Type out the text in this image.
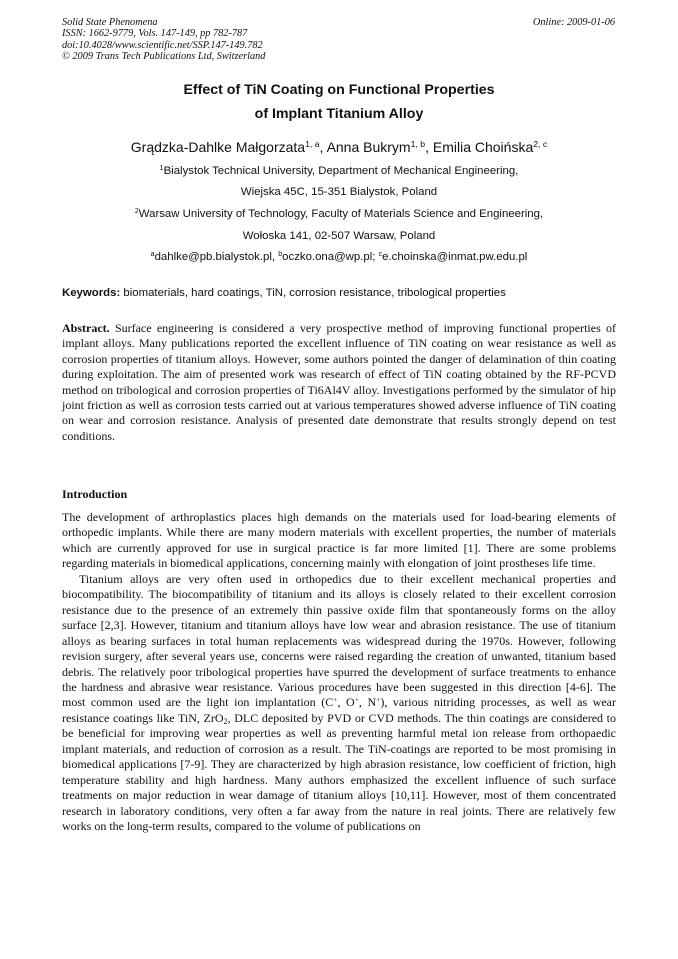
Solid State Phenomena
ISSN: 1662-9779, Vols. 147-149, pp 782-787
doi:10.4028/www.scientific.net/SSP.147-149.782
© 2009 Trans Tech Publications Ltd, Switzerland
Online: 2009-01-06
Effect of TiN Coating on Functional Properties
of Implant Titanium Alloy
Grądzka-Dahlke Małgorzata$^{1, a}$, Anna Bukrym$^{1, b}$, Emilia Choińska$^{2, c}$
$^1$Bialystok Technical University, Department of Mechanical Engineering,
Wiejska 45C, 15-351 Bialystok, Poland
$^2$Warsaw University of Technology, Faculty of Materials Science and Engineering,
Wołoska 141, 02-507 Warsaw, Poland
$^a$dahlke@pb.bialystok.pl, $^b$oczko.ona@wp.pl; $^c$e.choinska@inmat.pw.edu.pl
Keywords: biomaterials, hard coatings, TiN, corrosion resistance, tribological properties
Abstract. Surface engineering is considered a very prospective method of improving functional properties of implant alloys. Many publications reported the excellent influence of TiN coating on wear resistance as well as corrosion properties of titanium alloys. However, some authors pointed the danger of delamination of thin coating during exploitation. The aim of presented work was research of effect of TiN coating obtained by the RF-PCVD method on tribological and corrosion properties of Ti6Al4V alloy. Investigations performed by the simulator of hip joint friction as well as corrosion tests carried out at various temperatures showed adverse influence of TiN coating on wear and corrosion resistance. Analysis of presented date demonstrate that results strongly depend on test conditions.
Introduction

The development of arthroplastics places high demands on the materials used for load-bearing elements of orthopedic implants. While there are many modern materials with excellent properties, the number of materials which are currently approved for use in surgical practice is far more limited [1]. There are some problems regarding materials in biomedical applications, concerning mainly with elongation of joint prostheses life time.

Titanium alloys are very often used in orthopedics due to their excellent mechanical properties and biocompatibility. The biocompatibility of titanium and its alloys is closely related to their excellent corrosion resistance due to the presence of an extremely thin passive oxide film that spontaneously forms on the alloy surface [2,3]. However, titanium and titanium alloys have low wear and abrasion resistance. The use of titanium alloys as bearing surfaces in total human replacements was widespread during the 1970s. However, following revision surgery, after several years use, concerns were raised regarding the creation of unwanted, titanium based debris. The relatively poor tribological properties have spurred the development of surface treatments to enhance the hardness and abrasive wear resistance. Various procedures have been suggested in this direction [4-6]. The most common used are the light ion implantation (C+, O+, N+), various nitriding processes, as well as wear resistance coatings like TiN, ZrO$_2$, DLC deposited by PVD or CVD methods. The thin coatings are considered to be beneficial for improving wear properties as well as preventing harmful metal ion release from orthopaedic implant materials, and reduction of corrosion as a result. The TiN-coatings are reported to be most promising in biomedical applications [7-9]. They are characterized by high abrasion resistance, low coefficient of friction, high temperature stability and high hardness. Many authors emphasized the excellent influence of such surface treatments on major reduction in wear damage of titanium alloys [10,11]. However, most of them concentrated research in laboratory conditions, very often a far away from the nature in real joints. There are relatively few works on the long-term results, compared to the volume of publications on
